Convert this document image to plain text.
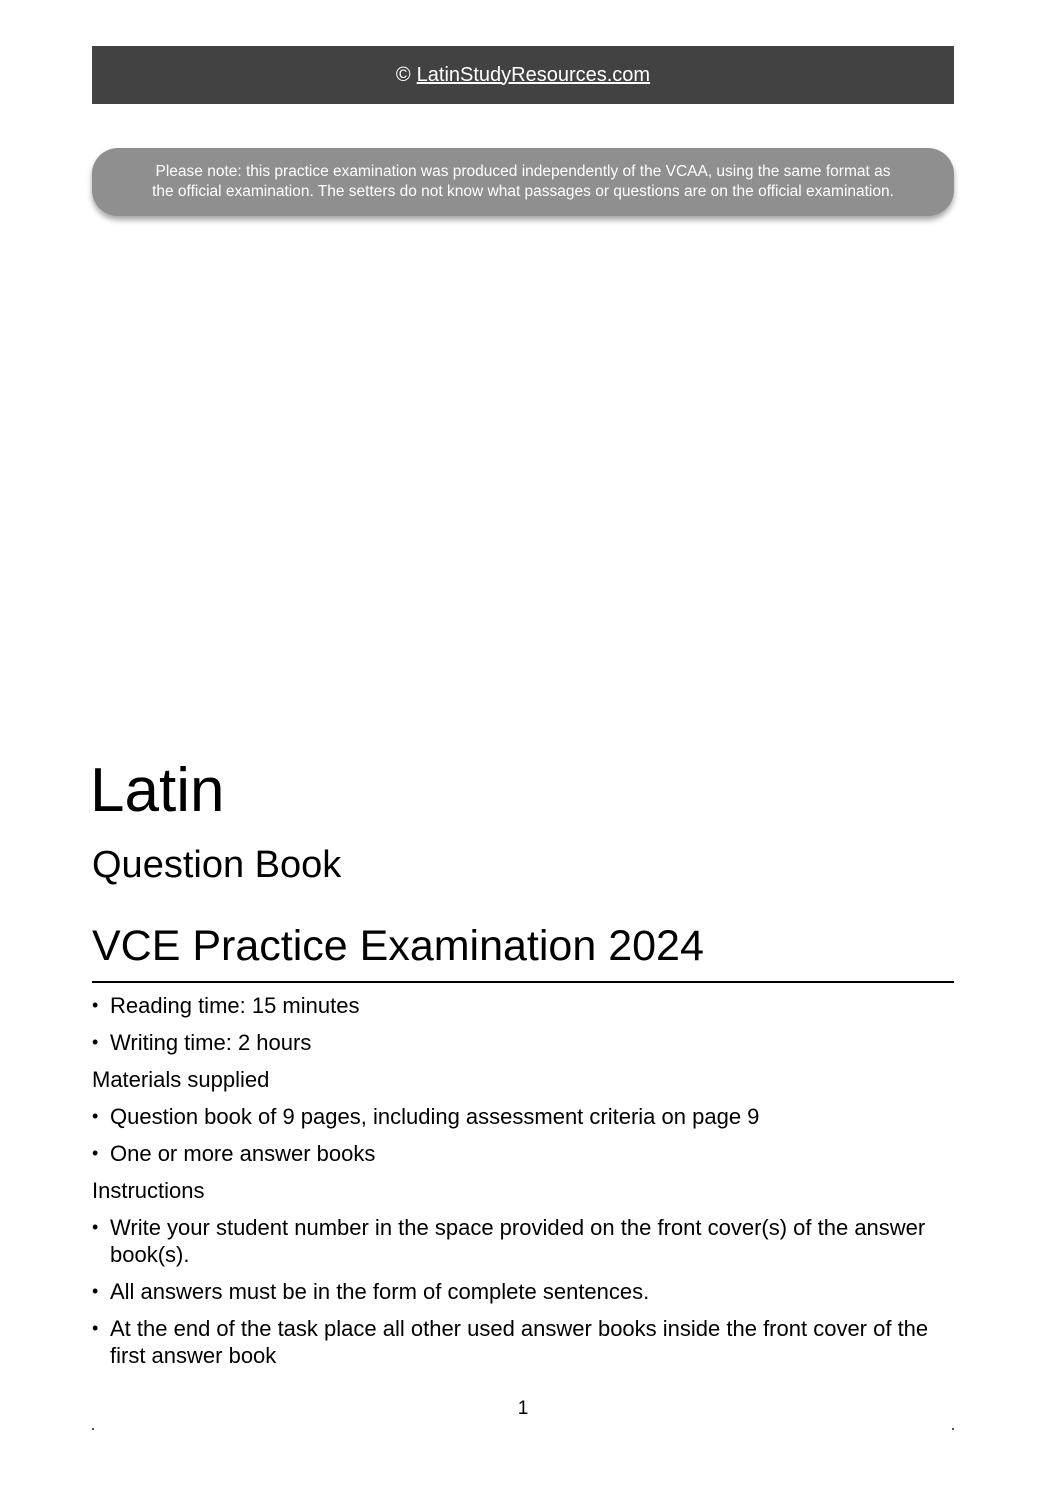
© LatinStudyResources.com
Please note: this practice examination was produced independently of the VCAA, using the same format as
the official examination. The setters do not know what passages or questions are on the official examination.
Latin
Question Book
VCE Practice Examination 2024
• Reading time: 15 minutes
• Writing time: 2 hours
Materials supplied
• Question book of 9 pages, including assessment criteria on page 9
• One or more answer books
Instructions
• Write your student number in the space provided on the front cover(s) of the answer book(s).
• All answers must be in the form of complete sentences.
• At the end of the task place all other used answer books inside the front cover of the first answer book
1
